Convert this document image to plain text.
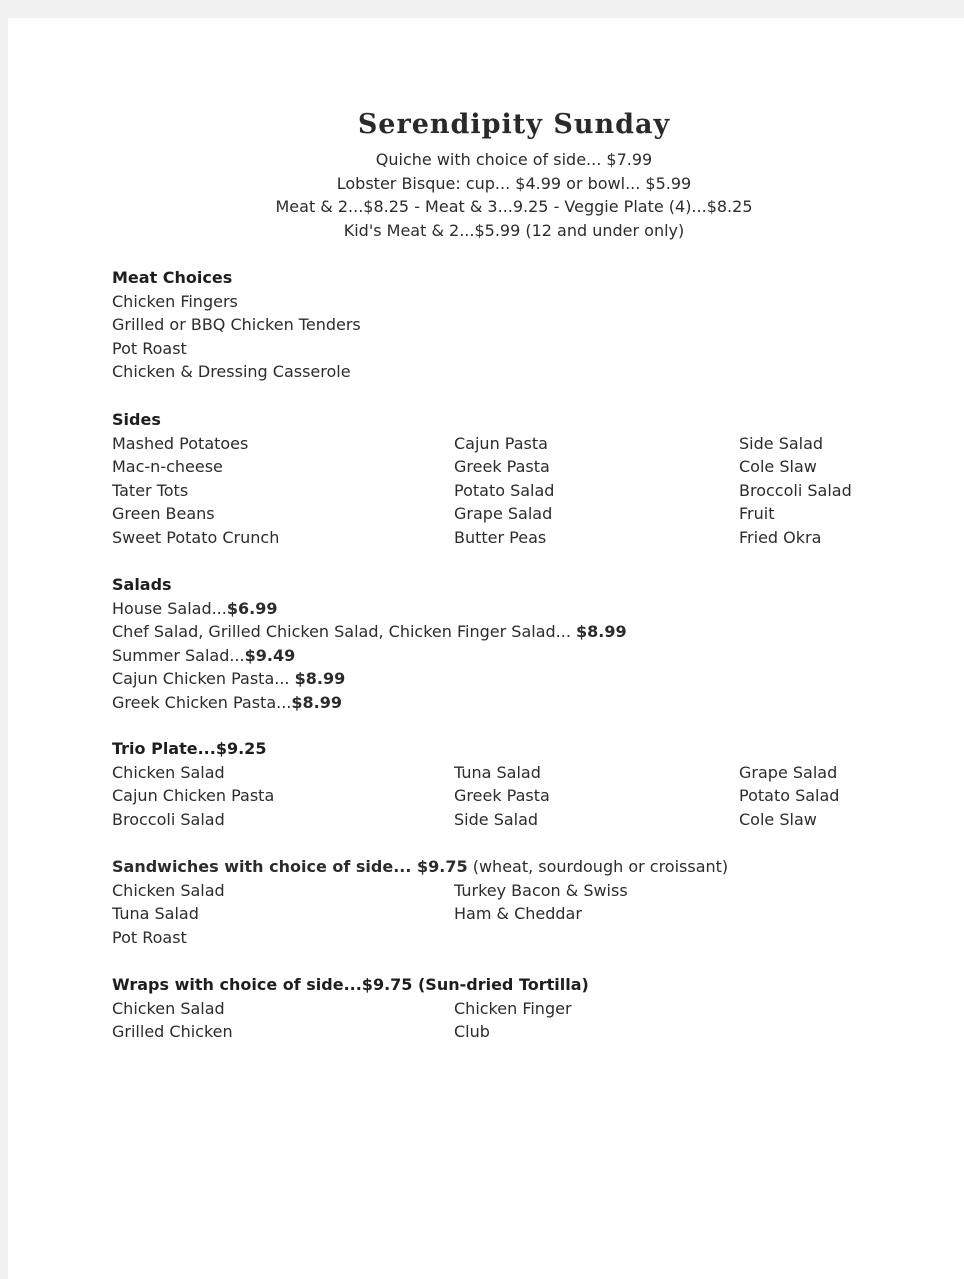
Serendipity Sunday
Quiche with choice of side... $7.99
Lobster Bisque: cup... $4.99 or bowl... $5.99
Meat & 2...$8.25 - Meat & 3...9.25 - Veggie Plate (4)...$8.25
Kid's Meat & 2...$5.99 (12 and under only)
Meat Choices
Chicken Fingers
Grilled or BBQ Chicken Tenders
Pot Roast
Chicken & Dressing Casserole
Sides
Mashed Potatoes	Cajun Pasta	Side Salad
Mac-n-cheese	Greek Pasta	Cole Slaw
Tater Tots	Potato Salad	Broccoli Salad
Green Beans	Grape Salad	Fruit
Sweet Potato Crunch	Butter Peas	Fried Okra
Salads
House Salad...$6.99
Chef Salad, Grilled Chicken Salad, Chicken Finger Salad... $8.99
Summer Salad...$9.49
Cajun Chicken Pasta... $8.99
Greek Chicken Pasta...$8.99
Trio Plate...$9.25
Chicken Salad	Tuna Salad	Grape Salad
Cajun Chicken Pasta	Greek Pasta	Potato Salad
Broccoli Salad	Side Salad	Cole Slaw
Sandwiches with choice of side... $9.75 (wheat, sourdough or croissant)
Chicken Salad	Turkey Bacon & Swiss
Tuna Salad	Ham & Cheddar
Pot Roast
Wraps with choice of side...$9.75 (Sun-dried Tortilla)
Chicken Salad	Chicken Finger
Grilled Chicken	Club
